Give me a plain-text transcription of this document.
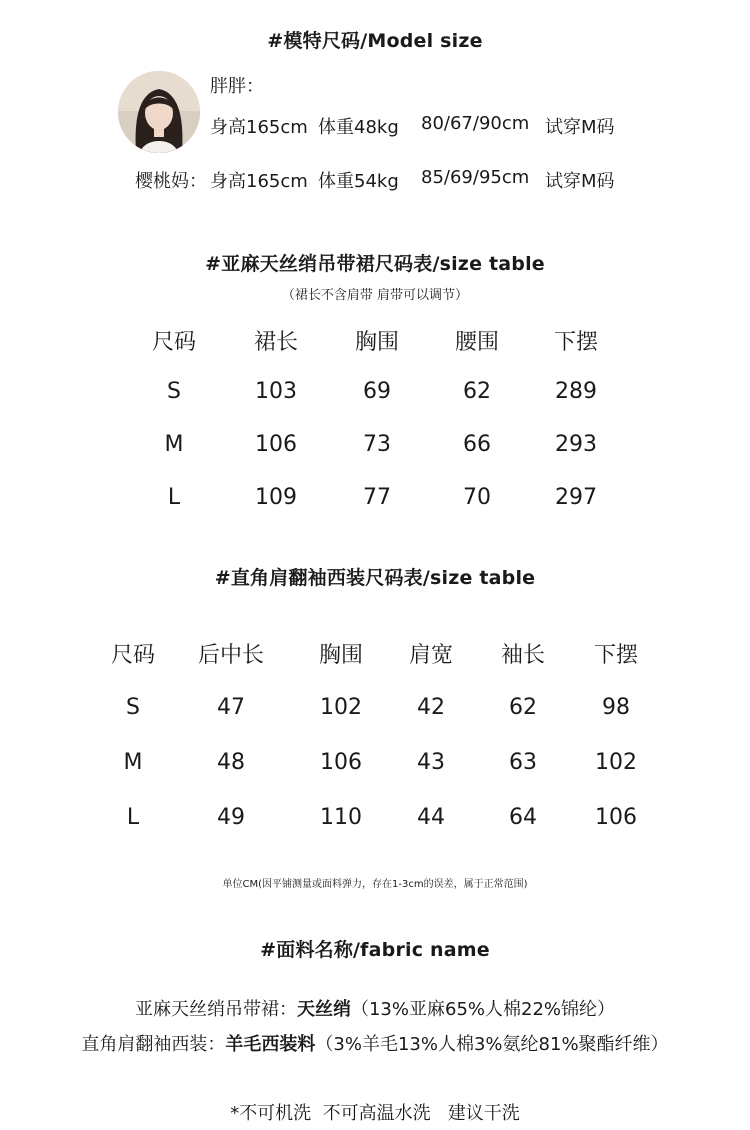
#模特尺码/Model size
胖胖：
身高165cm 体重48kg 80/67/90cm 试穿M码
樱桃妈： 身高165cm 体重54kg 85/69/95cm 试穿M码
#亚麻天丝绡吊带裙尺码表/size table
（裙长不含肩带 肩带可以调节）
尺码	裙长	胸围	腰围	下摆
S	103	69	62	289
M	106	73	66	293
L	109	77	70	297
#直角肩翻袖西装尺码表/size table
尺码	后中长	胸围	肩宽	袖长	下摆
S	47	102	42	62	98
M	48	106	43	63	102
L	49	110	44	64	106
单位CM(因平铺测量或面料弹力，存在1-3cm的误差，属于正常范围)
#面料名称/fabric name
亚麻天丝绡吊带裙：天丝绡（13%亚麻65%人棉22%锦纶）
直角肩翻袖西装：羊毛西装料（3%羊毛13%人棉3%氨纶81%聚酯纤维）
*不可机洗  不可高温水洗   建议干洗
